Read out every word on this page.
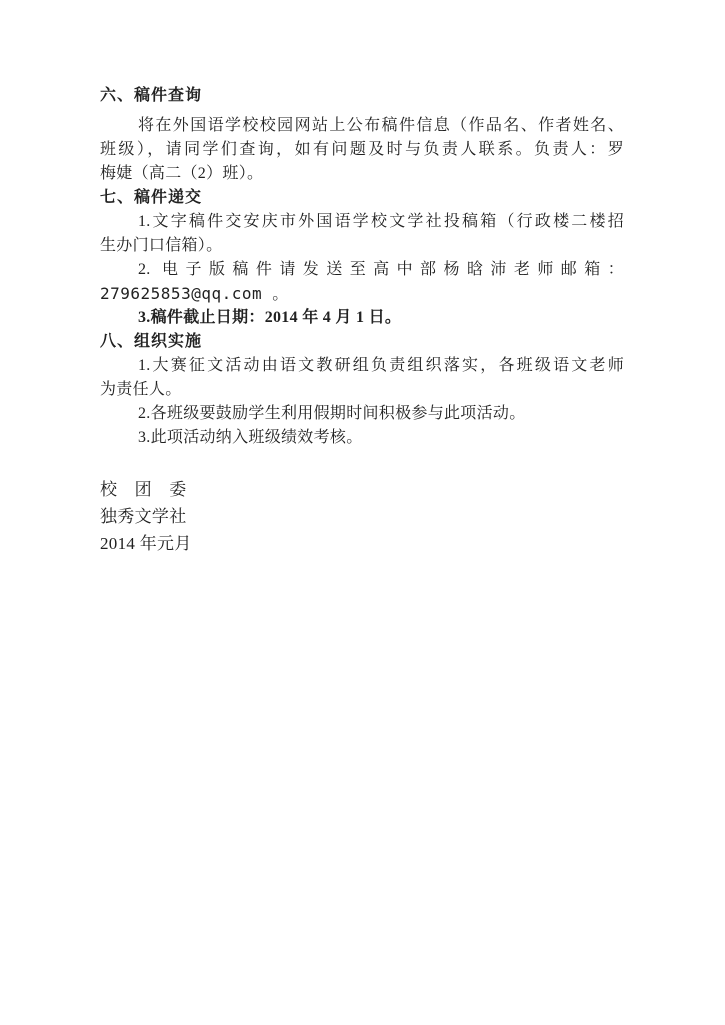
六、稿件查询
将在外国语学校校园网站上公布稿件信息（作品名、作者姓名、
班级），请同学们查询，如有问题及时与负责人联系。负责人：罗
梅婕（高二（2）班）。
七、稿件递交
1.文字稿件交安庆市外国语学校文学社投稿箱（行政楼二楼招
生办门口信箱）。
2. 电子版稿件请发送至高中部杨晗沛老师邮箱：
279625853@qq.com 。
3.稿件截止日期：2014 年 4 月 1 日。
八、组织实施
1.大赛征文活动由语文教研组负责组织落实，各班级语文老师
为责任人。
2.各班级要鼓励学生利用假期时间积极参与此项活动。
3.此项活动纳入班级绩效考核。
校　团　委
独秀文学社
2014 年元月
